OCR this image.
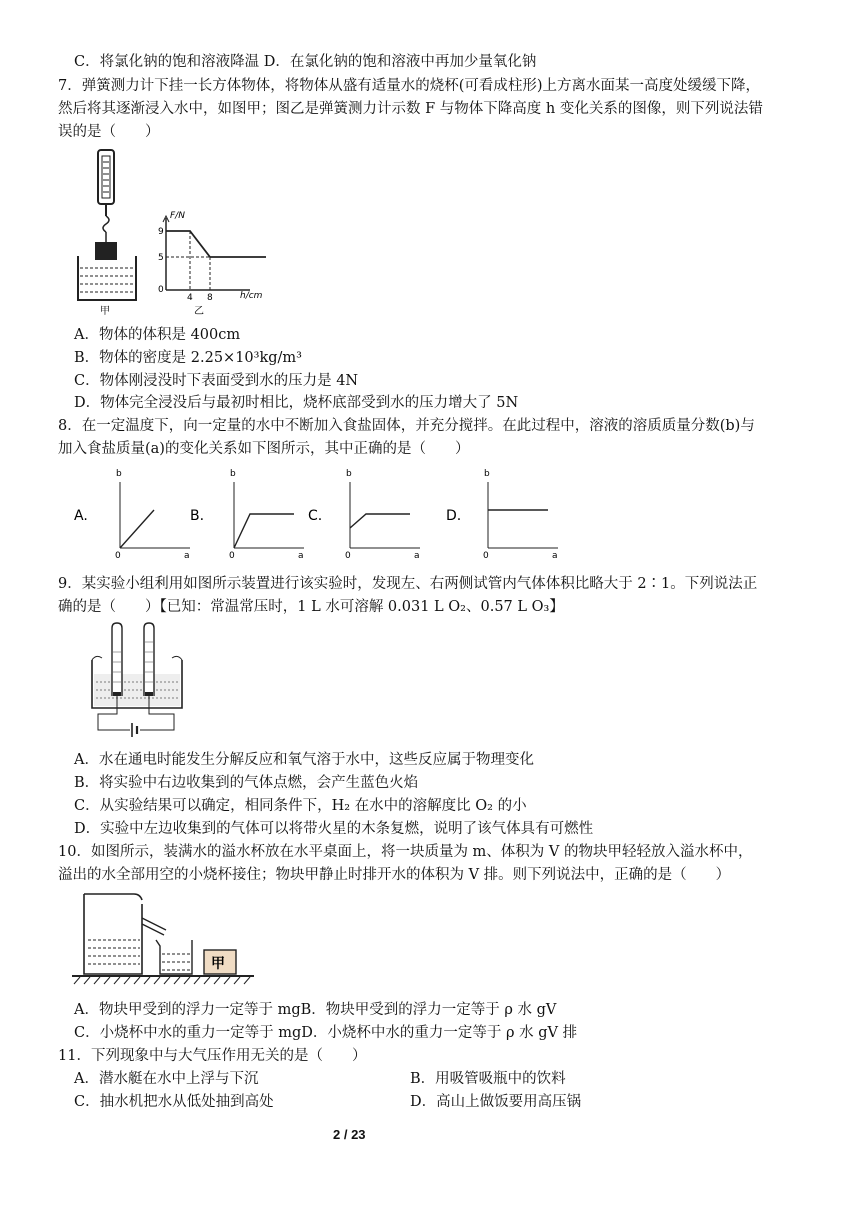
C．将氯化钠的饱和溶液降温 D．在氯化钠的饱和溶液中再加少量氧化钠
7．弹簧测力计下挂一长方体物体，将物体从盛有适量水的烧杯(可看成柱形)上方离水面某一高度处缓缓下降，
然后将其逐渐浸入水中，如图甲；图乙是弹簧测力计示数 F 与物体下降高度 h 变化关系的图像，则下列说法错
误的是（　　）
甲
F/N
9
5
0
4 8	h/cm
乙
A．物体的体积是 400cm
B．物体的密度是 2.25×10³kg/m³
C．物体刚浸没时下表面受到水的压力是 4N
D．物体完全浸没后与最初时相比，烧杯底部受到水的压力增大了 5N
8．在一定温度下，向一定量的水中不断加入食盐固体，并充分搅拌。在此过程中，溶液的溶质质量分数(b)与
加入食盐质量(a)的变化关系如下图所示，其中正确的是（　　）
A.
b
0	a
B.
b
0	a
C.
b
0	a
D.
b
0	a
9．某实验小组利用如图所示装置进行该实验时，发现左、右两侧试管内气体体积比略大于 2∶1。下列说法正
确的是（　　）【已知：常温常压时，1 L 水可溶解 0.031 L O₂、0.57 L O₃】
A．水在通电时能发生分解反应和氧气溶于水中，这些反应属于物理变化
B．将实验中右边收集到的气体点燃，会产生蓝色火焰
C．从实验结果可以确定，相同条件下，H₂ 在水中的溶解度比 O₂ 的小
D．实验中左边收集到的气体可以将带火星的木条复燃，说明了该气体具有可燃性
10．如图所示，装满水的溢水杯放在水平桌面上，将一块质量为 m、体积为 V 的物块甲轻轻放入溢水杯中，
溢出的水全部用空的小烧杯接住；物块甲静止时排开水的体积为 V 排。则下列说法中，正确的是（　　）
甲
A．物块甲受到的浮力一定等于 mgB．物块甲受到的浮力一定等于 ρ 水 gV
C．小烧杯中水的重力一定等于 mgD．小烧杯中水的重力一定等于 ρ 水 gV 排
11．下列现象中与大气压作用无关的是（　　）
A．潜水艇在水中上浮与下沉	B．用吸管吸瓶中的饮料
C．抽水机把水从低处抽到高处	D．高山上做饭要用高压锅
2 / 23
